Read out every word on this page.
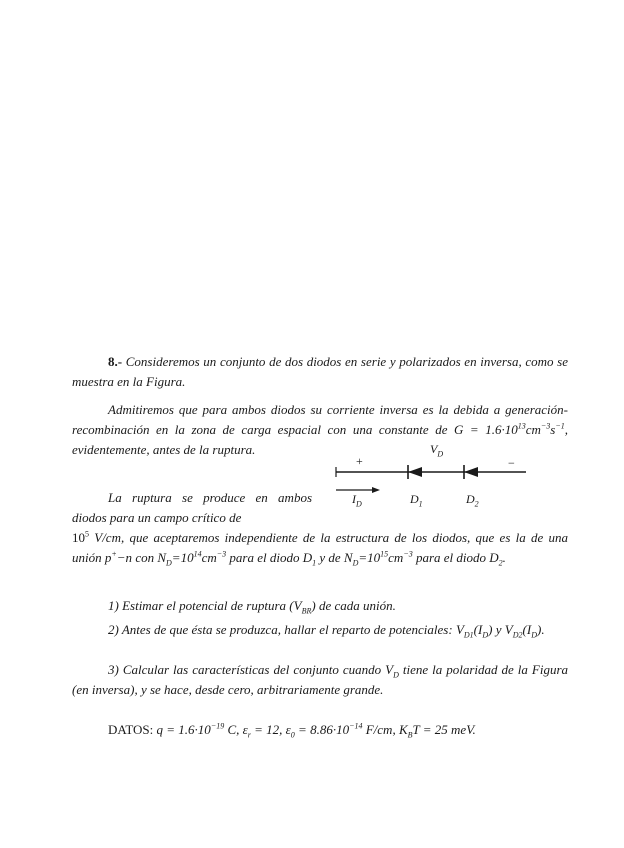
8.- Consideremos un conjunto de dos diodos en serie y polarizados en inversa, como se muestra en la Figura.
Admitiremos que para ambos diodos su corriente inversa es la debida a generación-recombinación en la zona de carga espacial con una constante de $G = 1.6\cdot 10^{13}cm^{-3}s^{-1}$, evidentemente, antes de la ruptura.
La ruptura se produce en ambos diodos para un campo crítico de
$10^5$ V/cm, que aceptaremos independiente de la estructura de los diodos, que es la de una unión p+−n con $N_D=10^{14}cm^{-3}$ para el diodo $D_1$ y de $N_D=10^{15}cm^{-3}$ para el diodo $D_2$.
1) Estimar el potencial de ruptura $(V_{BR})$ de cada unión.
2) Antes de que ésta se produzca, hallar el reparto de potenciales: $V_{D1}(I_D)$ y $V_{D2}(I_D)$.
3) Calcular las características del conjunto cuando $V_D$ tiene la polaridad de la Figura (en inversa), y se hace, desde cero, arbitrariamente grande.
DATOS: $q = 1.6\cdot 10^{-19}$ C, $\varepsilon_r = 12$, $\varepsilon_0 = 8.86\cdot 10^{-14}$ F/cm, $K_BT = 25$ meV.
+	−
$V_D$
$I_D$	$D_1$	$D_2$
